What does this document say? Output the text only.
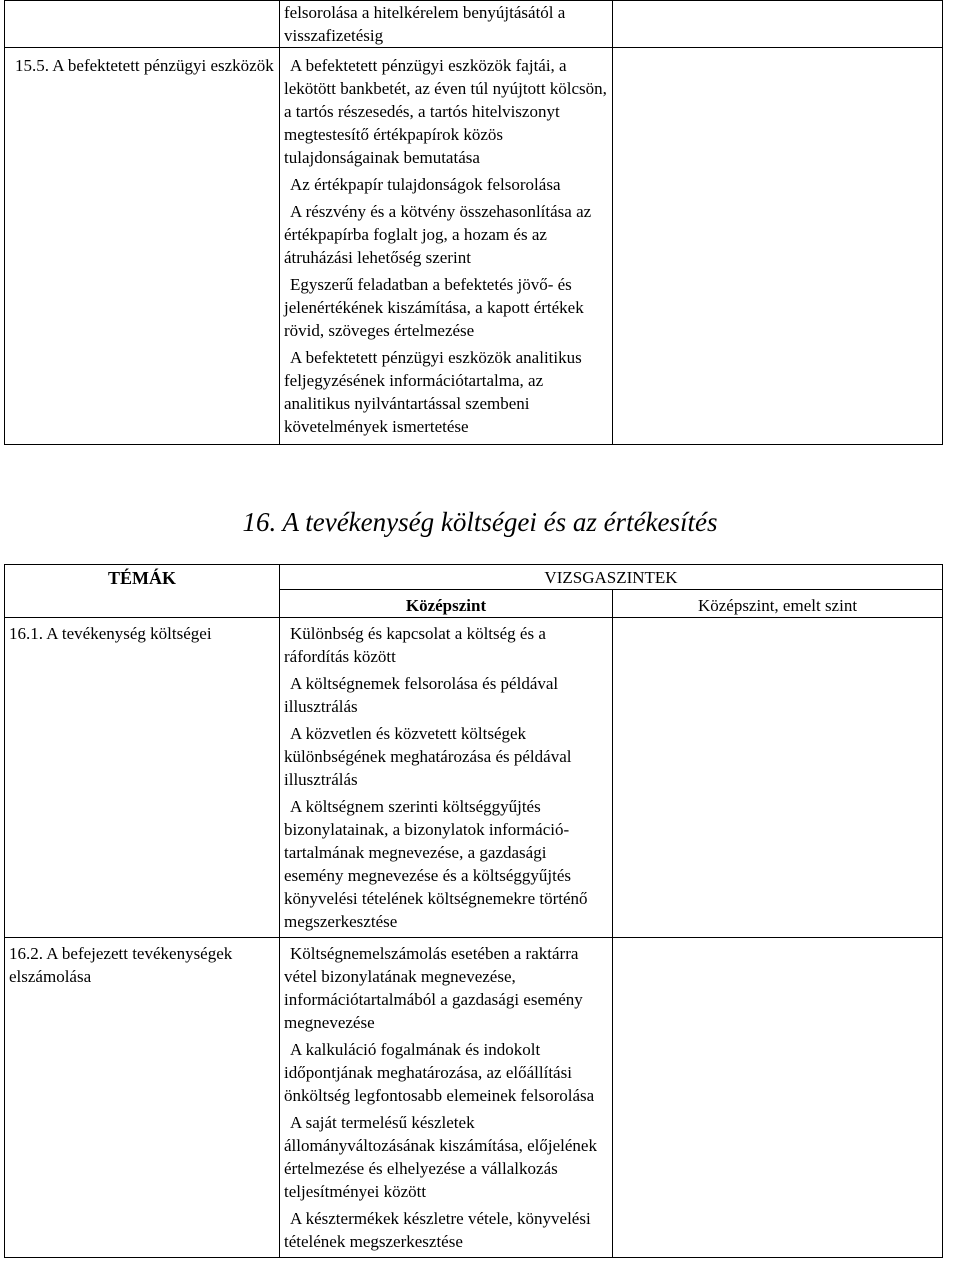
	felsorolása a hitelkérelem benyújtásától a visszafizetésig	

15.5. A befektetett pénzügyi eszközök	A befektetett pénzügyi eszközök fajtái, a lekötött bankbetét, az éven túl nyújtott kölcsön, a tartós részesedés, a tartós hitelviszonyt megtestesítő értékpapírok közös tulajdonságainak bemutatása
Az értékpapír tulajdonságok felsorolása
A részvény és a kötvény összehasonlítása az értékpapírba foglalt jog, a hozam és az átruházási lehetőség szerint
Egyszerű feladatban a befektetés jövő- és jelenértékének kiszámítása, a kapott értékek rövid, szöveges értelmezése
A befektetett pénzügyi eszközök analitikus feljegyzésének információtartalma, az analitikus nyilvántartással szembeni követelmények ismertetése	

16. A tevékenység költségei és az értékesítés
TÉMÁK	VIZSGASZINTEK	
	Középszint	Középszint, emelt szint

16.1. A tevékenység költségei	Különbség és kapcsolat a költség és a ráfordítás között
A költségnemek felsorolása és példával illusztrálás
A közvetlen és közvetett költségek különbségének meghatározása és példával illusztrálás
A költségnem szerinti költséggyűjtés bizonylatainak, a bizonylatok információ-tartalmának megnevezése, a gazdasági esemény megnevezése és a költséggyűjtés könyvelési tételének költségnemekre történő megszerkesztése	

16.2. A befejezett tevékenységek elszámolása	Költségnemelszámolás esetében a raktárra vétel bizonylatának megnevezése, információtartalmából a gazdasági esemény megnevezése
A kalkuláció fogalmának és indokolt időpontjának meghatározása, az előállítási önköltség legfontosabb elemeinek felsorolása
A saját termelésű készletek állományváltozásának kiszámítása, előjelének értelmezése és elhelyezése a vállalkozás teljesítményei között
A késztermékek készletre vétele, könyvelési tételének megszerkesztése	
